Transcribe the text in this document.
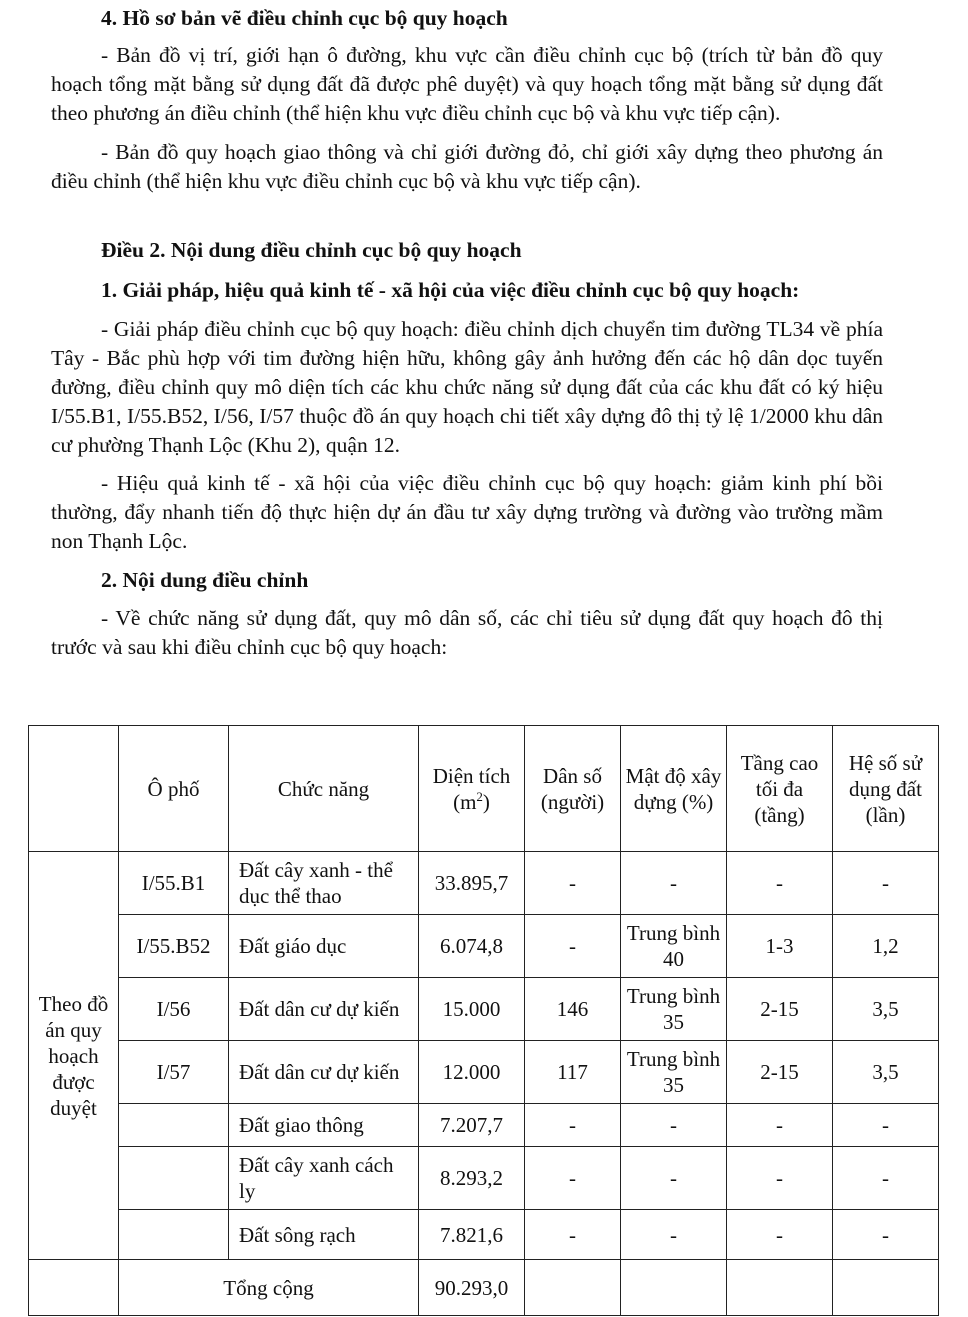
4. Hồ sơ bản vẽ điều chỉnh cục bộ quy hoạch

- Bản đồ vị trí, giới hạn ô đường, khu vực cần điều chỉnh cục bộ (trích từ bản đồ quy hoạch tổng mặt bằng sử dụng đất đã được phê duyệt) và quy hoạch tổng mặt bằng sử dụng đất theo phương án điều chỉnh (thể hiện khu vực điều chỉnh cục bộ và khu vực tiếp cận).

- Bản đồ quy hoạch giao thông và chỉ giới đường đỏ, chỉ giới xây dựng theo phương án điều chỉnh (thể hiện khu vực điều chỉnh cục bộ và khu vực tiếp cận).

Điều 2. Nội dung điều chỉnh cục bộ quy hoạch

1. Giải pháp, hiệu quả kinh tế - xã hội của việc điều chỉnh cục bộ quy hoạch:

- Giải pháp điều chỉnh cục bộ quy hoạch: điều chỉnh dịch chuyển tim đường TL34 về phía Tây - Bắc phù hợp với tim đường hiện hữu, không gây ảnh hưởng đến các hộ dân dọc tuyến đường, điều chỉnh quy mô diện tích các khu chức năng sử dụng đất của các khu đất có ký hiệu I/55.B1, I/55.B52, I/56, I/57 thuộc đồ án quy hoạch chi tiết xây dựng đô thị tỷ lệ 1/2000 khu dân cư phường Thạnh Lộc (Khu 2), quận 12.

- Hiệu quả kinh tế - xã hội của việc điều chỉnh cục bộ quy hoạch: giảm kinh phí bồi thường, đẩy nhanh tiến độ thực hiện dự án đầu tư xây dựng trường và đường vào trường mầm non Thạnh Lộc.

2. Nội dung điều chỉnh

- Về chức năng sử dụng đất, quy mô dân số, các chỉ tiêu sử dụng đất quy hoạch đô thị trước và sau khi điều chỉnh cục bộ quy hoạch:

	Ô phố	Chức năng	Diện tích $(m^2)$	Dân số (người)	Mật độ xây dựng (%)	Tầng cao tối đa (tầng)	Hệ số sử dụng đất (lần)
Theo đồ án quy hoạch được duyệt	I/55.B1	Đất cây xanh - thể dục thể thao	33.895,7	-	-	-	-
	I/55.B52	Đất giáo dục	6.074,8	-	Trung bình 40	1-3	1,2
	I/56	Đất dân cư dự kiến	15.000	146	Trung bình 35	2-15	3,5
	I/57	Đất dân cư dự kiến	12.000	117	Trung bình 35	2-15	3,5
		Đất giao thông	7.207,7	-	-	-	-
		Đất cây xanh cách ly	8.293,2	-	-	-	-
		Đất sông rạch	7.821,6	-	-	-	-
	Tổng cộng		90.293,0				
